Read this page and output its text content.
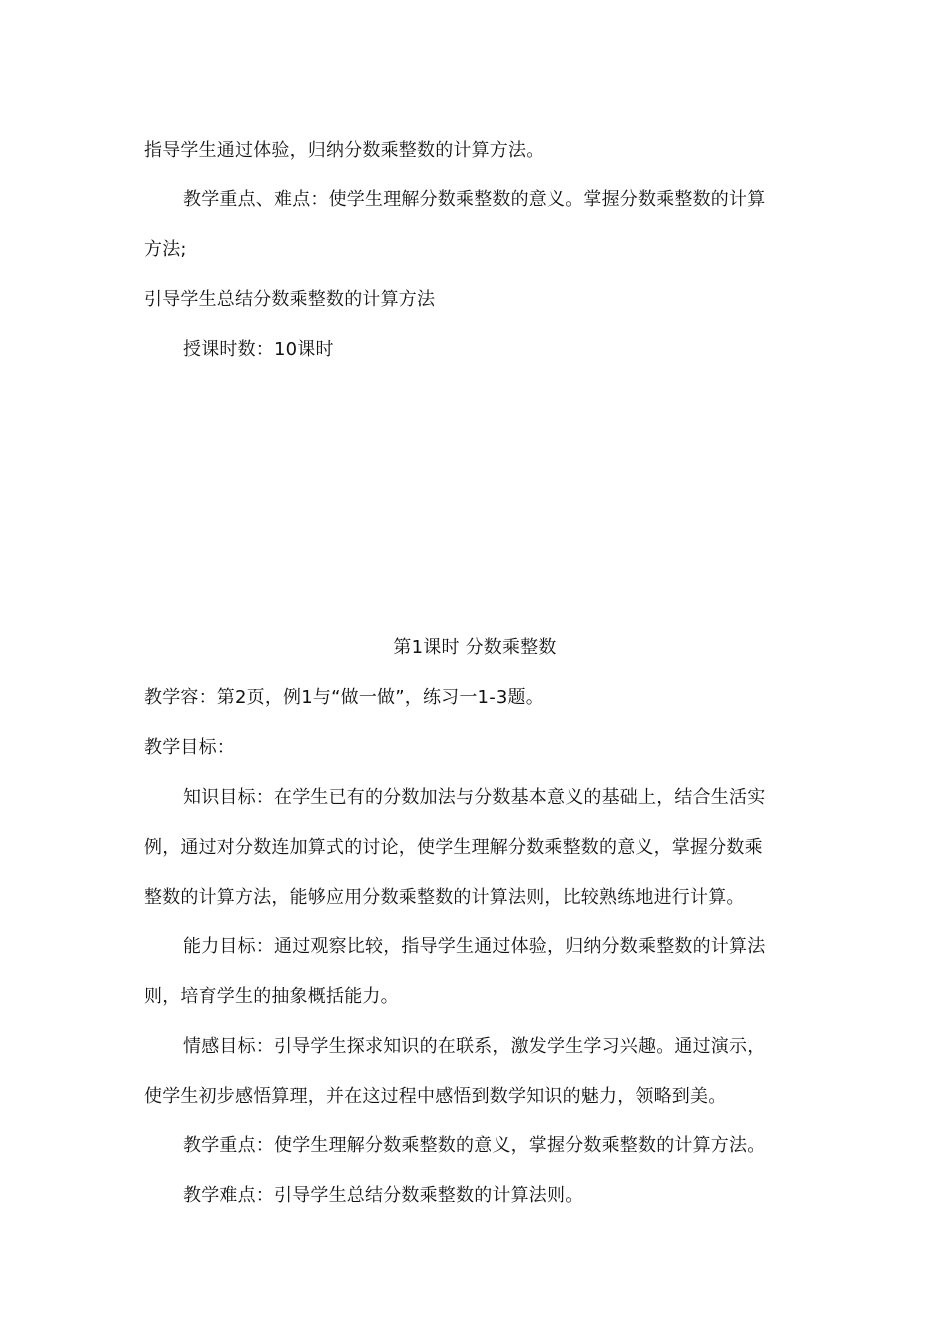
指导学生通过体验，归纳分数乘整数的计算方法。
教学重点、难点：使学生理解分数乘整数的意义。掌握分数乘整数的计算
方法;
引导学生总结分数乘整数的计算方法
授课时数：10课时
第1课时 分数乘整数
教学容：第2页，例1与“做一做”，练习一1-3题。
教学目标：
知识目标：在学生已有的分数加法与分数基本意义的基础上，结合生活实
例，通过对分数连加算式的讨论，使学生理解分数乘整数的意义，掌握分数乘
整数的计算方法，能够应用分数乘整数的计算法则，比较熟练地进行计算。
能力目标：通过观察比较，指导学生通过体验，归纳分数乘整数的计算法
则，培育学生的抽象概括能力。
情感目标：引导学生探求知识的在联系，激发学生学习兴趣。通过演示，
使学生初步感悟算理，并在这过程中感悟到数学知识的魅力，领略到美。
教学重点：使学生理解分数乘整数的意义，掌握分数乘整数的计算方法。
教学难点：引导学生总结分数乘整数的计算法则。
